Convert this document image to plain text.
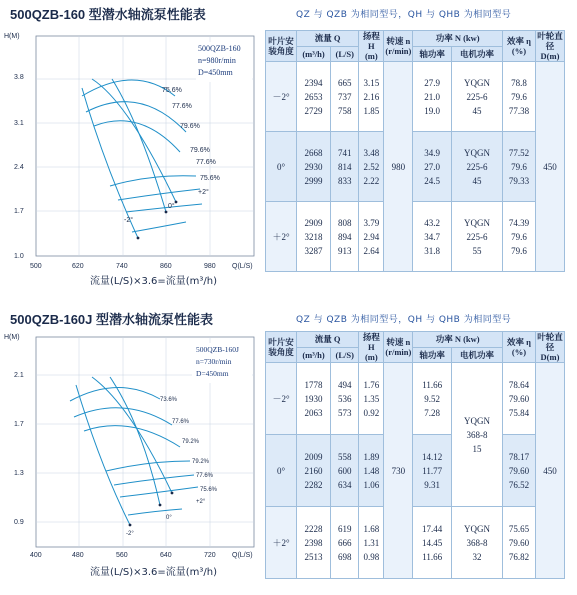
500QZB-160 型潜水轴流泵性能表	QZ 与 QZB 为相同型号，QH 与 QHB 为相同型号
H(M)
3.8
3.1
2.4
1.7
1.0
500	620	740	860	980 Q(L/S)
流量(L/S)×3.6=流量(m³/h)
500QZB-160
n=980r/min
D=450mm
75.6%
77.6%
79.6%
79.6%
77.6%
75.6%
+2°
0°
-2°
叶片安装角度	流量 Q		扬程 H
(m)	转速 n
(r/min)	功率 N (kw)		效率 η
(%)	叶轮直径 D(m)
	(m³/h)	(L/S)			轴功率	电机功率		
－2°	2394
2653
2729	665
737
758	3.15
2.16
1.85	980	27.9
21.0
19.0	YQGN
225-6
45	78.8
79.6
77.38	450
0°	2668
2930
2999	741
814
833	3.48
2.52
2.22		34.9
27.0
24.5	YQGN
225-6
45	77.52
79.6
79.33	

＋2°	2909
3218
3287	808
894
913	3.79
2.94
2.64		43.2
34.7
31.8	YQGN
225-6
55	74.39
79.6
79.6	
500QZB-160J 型潜水轴流泵性能表	QZ 与 QZB 为相同型号，QH 与 QHB 为相同型号
H(M)
2.1
1.7
1.3
0.9
400	480	560	640	720 Q(L/S)
流量(L/S)×3.6=流量(m³/h)
500QZB-160J
n=730r/min
D=450mm
73.6%
77.6%
79.2%
79.2%
77.6%
75.6%
+2°
0°
-2°
叶片安装角度	流量 Q		扬程 H
(m)	转速 n
(r/min)	功率 N (kw)		效率 η
(%)	叶轮直径 D(m)
	(m³/h)	(L/S)			轴功率	电机功率		
－2°	1778
1930
2063	494
536
573	1.76
1.35
0.92	730	11.66
9.52
7.28	YQGN
368-8
15	78.64
79.60
75.84	450
0°	2009
2160
2282	558
600
634	1.89
1.48
1.06		14.12
11.77
9.31		78.17
79.60
76.52	

＋2°	2228
2398
2513	619
666
698	1.68
1.31
0.98		17.44
14.45
11.66	YQGN
368-8
32	75.65
79.60
76.82	
